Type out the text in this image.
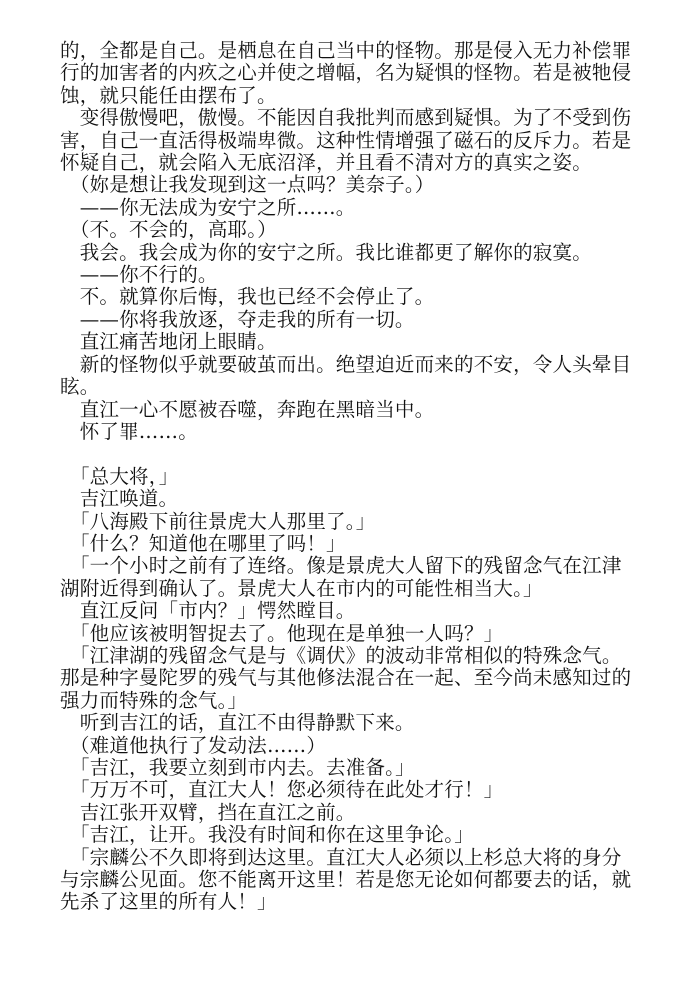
的，全都是自己。是栖息在自己当中的怪物。那是侵入无力补偿罪行的加害者的内疚之心并使之增幅，名为疑惧的怪物。若是被牠侵蚀，就只能任由摆布了。

　变得傲慢吧，傲慢。不能因自我批判而感到疑惧。为了不受到伤害，自己一直活得极端卑微。这种性情增强了磁石的反斥力。若是怀疑自己，就会陷入无底沼泽，并且看不清对方的真实之姿。

　（妳是想让我发现到这一点吗？美奈子。）

　——你无法成为安宁之所……。

　（不。不会的，高耶。）

　我会。我会成为你的安宁之所。我比谁都更了解你的寂寞。

　——你不行的。

　不。就算你后悔，我也已经不会停止了。

　——你将我放逐，夺走我的所有一切。

　直江痛苦地闭上眼睛。

　新的怪物似乎就要破茧而出。绝望迫近而来的不安，令人头晕目眩。

　直江一心不愿被吞噬，奔跑在黑暗当中。

　怀了罪……。

　「总大将，」

　吉江唤道。

　「八海殿下前往景虎大人那里了。」

　「什么？知道他在哪里了吗！」

　「一个小时之前有了连络。像是景虎大人留下的残留念气在江津湖附近得到确认了。景虎大人在市内的可能性相当大。」

　直江反问「市内？」愕然瞠目。

　「他应该被明智捉去了。他现在是单独一人吗？」

　「江津湖的残留念气是与《调伏》的波动非常相似的特殊念气。那是种字曼陀罗的残气与其他修法混合在一起、至今尚未感知过的强力而特殊的念气。」

　听到吉江的话，直江不由得静默下来。

　（难道他执行了发动法……）

　「吉江，我要立刻到市内去。去准备。」

　「万万不可，直江大人！您必须待在此处才行！」

　吉江张开双臂，挡在直江之前。

　「吉江，让开。我没有时间和你在这里争论。」

　「宗麟公不久即将到达这里。直江大人必须以上杉总大将的身分与宗麟公见面。您不能离开这里！若是您无论如何都要去的话，就先杀了这里的所有人！」
